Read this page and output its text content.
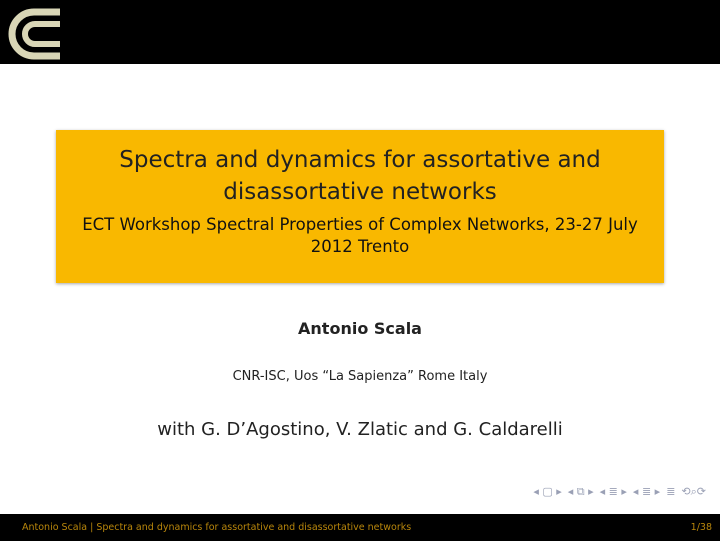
Spectra and dynamics for assortative and disassortative networks
ECT Workshop Spectral Properties of Complex Networks, 23-27 July 2012 Trento
Antonio Scala
CNR-ISC, Uos “La Sapienza” Rome Italy
with G. D’Agostino, V. Zlatic and G. Caldarelli
◂ ▢ ▸ ◂ ⧉ ▸ ◂ ≣ ▸ ◂ ≣ ▸ ≣ ⟲⌕⟳
Antonio Scala | Spectra and dynamics for assortative and disassortative networks	1/38
